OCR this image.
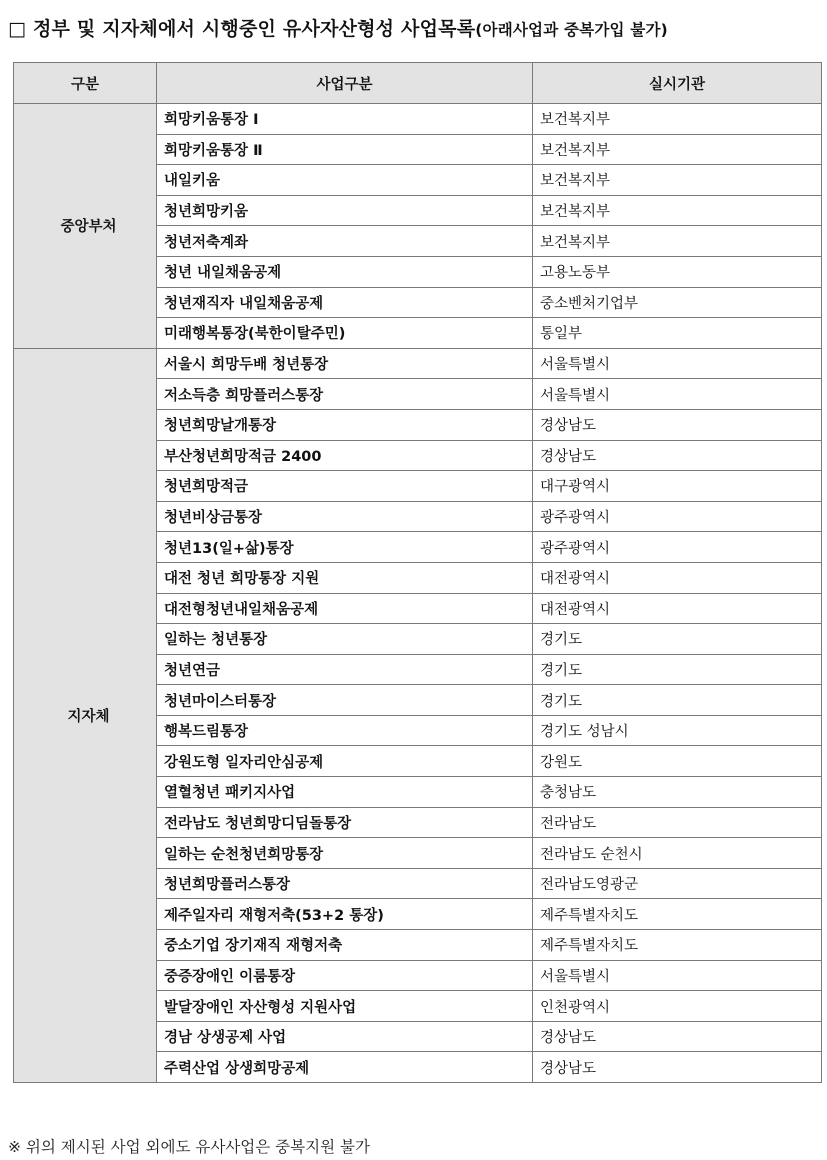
□ 정부 및 지자체에서 시행중인 유사자산형성 사업목록(아래사업과 중복가입 불가)
구분	사업구분	실시기관
중앙부처	희망키움통장 Ⅰ	보건복지부
	희망키움통장 Ⅱ	보건복지부
	내일키움	보건복지부
	청년희망키움	보건복지부
	청년저축계좌	보건복지부
	청년 내일채움공제	고용노동부
	청년재직자 내일채움공제	중소벤처기업부
	미래행복통장(북한이탈주민)	통일부
지자체	서울시 희망두배 청년통장	서울특별시
	저소득층 희망플러스통장	서울특별시
	청년희망날개통장	경상남도
	부산청년희망적금 2400	경상남도
	청년희망적금	대구광역시
	청년비상금통장	광주광역시
	청년13(일+삶)통장	광주광역시
	대전 청년 희망통장 지원	대전광역시
	대전형청년내일채움공제	대전광역시
	일하는 청년통장	경기도
	청년연금	경기도
	청년마이스터통장	경기도
	행복드림통장	경기도 성남시
	강원도형 일자리안심공제	강원도
	열혈청년 패키지사업	충청남도
	전라남도 청년희망디딤돌통장	전라남도
	일하는 순천청년희망통장	전라남도 순천시
	청년희망플러스통장	전라남도영광군
	제주일자리 재형저축(53+2 통장)	제주특별자치도
	중소기업 장기재직 재형저축	제주특별자치도
	중증장애인 이룸통장	서울특별시
	발달장애인 자산형성 지원사업	인천광역시
	경남 상생공제 사업	경상남도
	주력산업 상생희망공제	경상남도
※ 위의 제시된 사업 외에도 유사사업은 중복지원 불가
